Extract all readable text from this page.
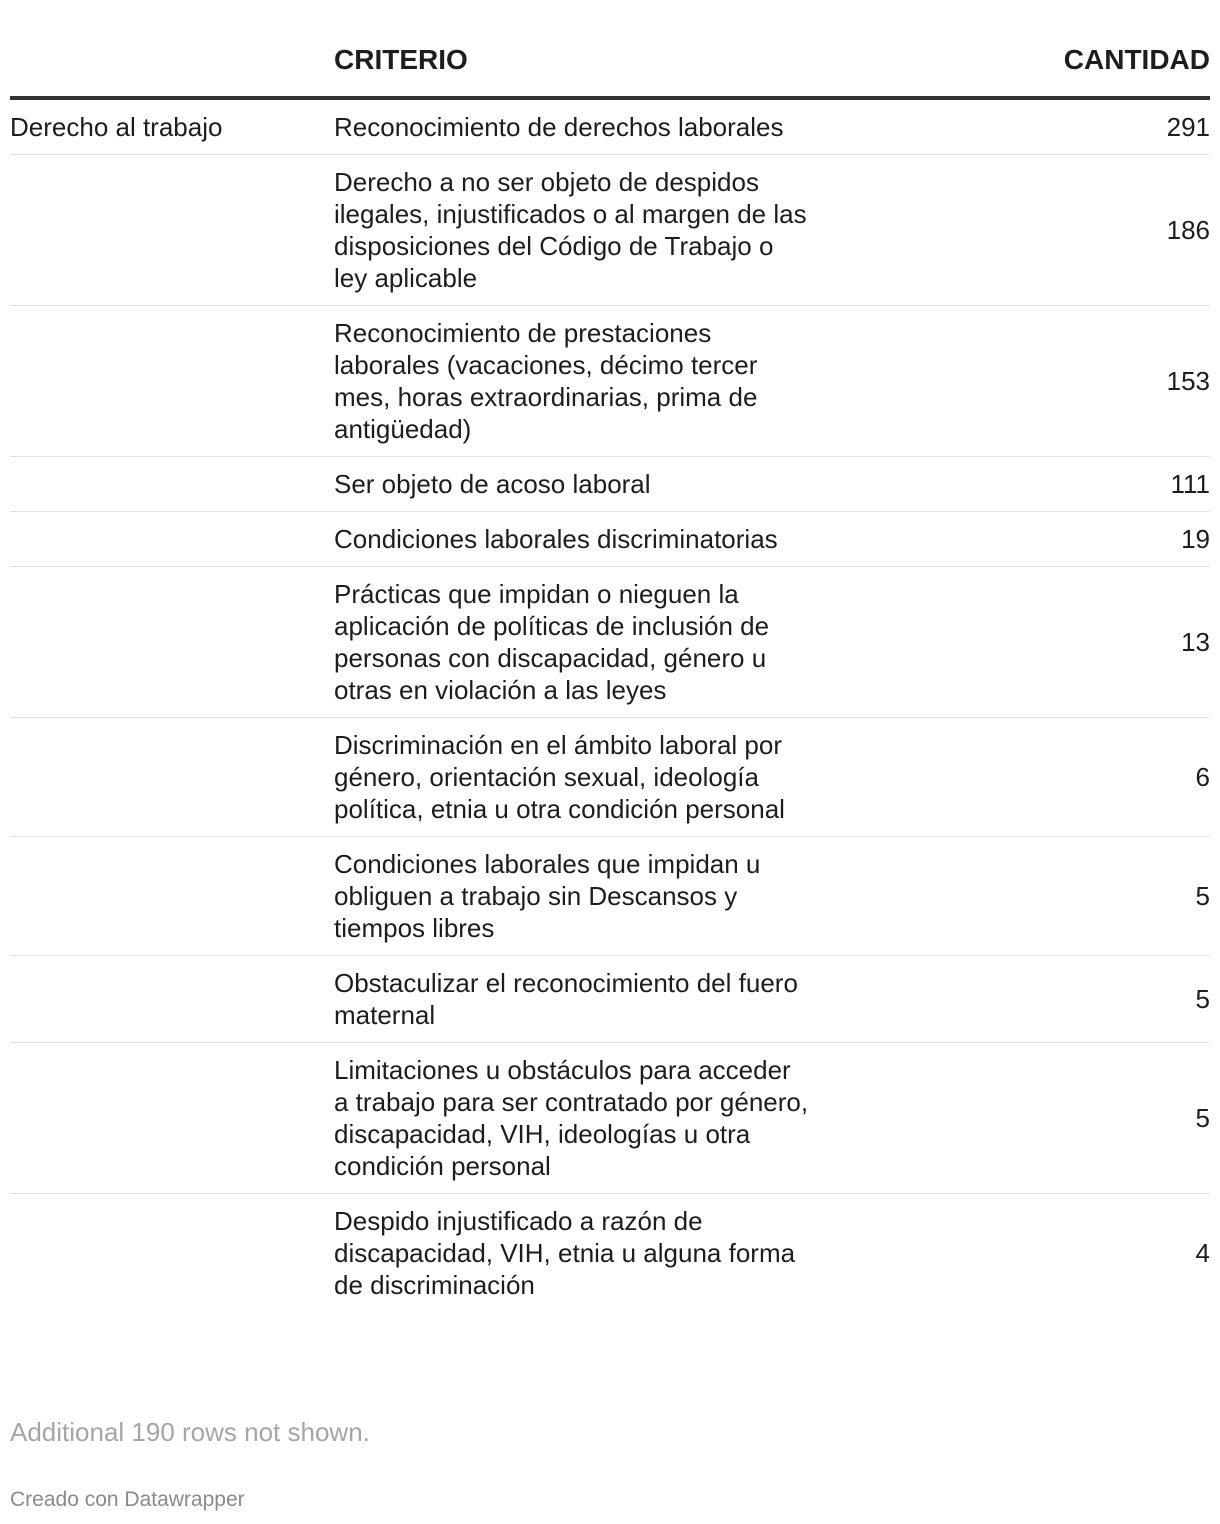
	CRITERIO	CANTIDAD
Derecho al trabajo	Reconocimiento de derechos laborales	291
	Derecho a no ser objeto de despidos ilegales, injustificados o al margen de las disposiciones del Código de Trabajo o ley aplicable	186
	Reconocimiento de prestaciones laborales (vacaciones, décimo tercer mes, horas extraordinarias, prima de antigüedad)	153
	Ser objeto de acoso laboral	111
	Condiciones laborales discriminatorias	19
	Prácticas que impidan o nieguen la aplicación de políticas de inclusión de personas con discapacidad, género u otras en violación a las leyes	13
	Discriminación en el ámbito laboral por género, orientación sexual, ideología política, etnia u otra condición personal	6
	Condiciones laborales que impidan u obliguen a trabajo sin Descansos y tiempos libres	5
	Obstaculizar el reconocimiento del fuero maternal	5
	Limitaciones u obstáculos para acceder a trabajo para ser contratado por género, discapacidad, VIH, ideologías u otra condición personal	5
	Despido injustificado a razón de discapacidad, VIH, etnia u alguna forma de discriminación	4
Additional 190 rows not shown.
Creado con Datawrapper
